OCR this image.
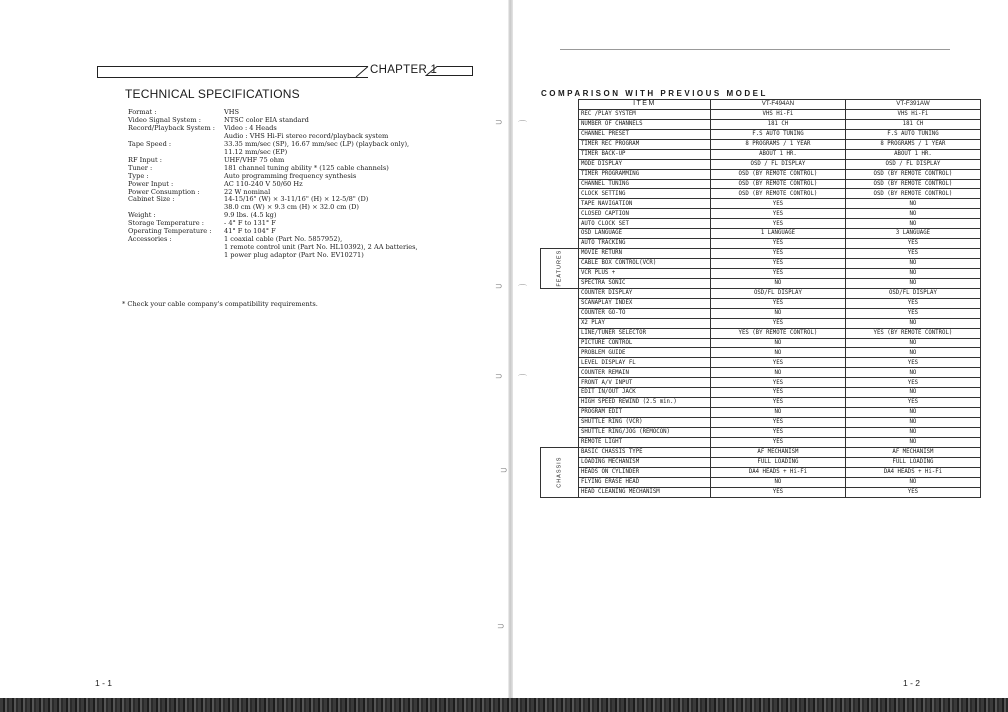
⊃ ⌒
⊃ ⌒
⊃ ⌒
⊃
⊃
CHAPTER 1
TECHNICAL SPECIFICATIONS
Format :	VHS
Video Signal System :	NTSC color EIA standard
Record/Playback System :	Video : 4 Heads
Audio : VHS Hi-Fi stereo record/playback system
Tape Speed :	33.35 mm/sec (SP), 16.67 mm/sec (LP) (playback only),
11.12 mm/sec (EP)
RF Input :	UHF/VHF 75 ohm
Tuner :	181 channel tuning ability * (125 cable channels)
Type :	Auto programming frequency synthesis
Power Input :	AC 110-240 V 50/60 Hz
Power Consumption :	22 W nominal
Cabinet Size :	14-15/16" (W) × 3-11/16" (H) × 12-5/8" (D)
38.0 cm (W) × 9.3 cm (H) × 32.0 cm (D)
Weight :	9.9 lbs. (4.5 kg)
Storage Temperature :	- 4° F to 131° F
Operating Temperature :	41° F to 104° F
Accessories :	1 coaxial cable (Part No. 5857952),
1 remote control unit (Part No. HL10392), 2 AA batteries,
1 power plug adaptor (Part No. EV10271)
* Check your cable company's compatibility requirements.
COMPARISON WITH PREVIOUS MODEL
	ITEM	VT-F494AN	VT-F391AW
	REC /PLAY SYSTEM	VHS Hi-Fi	VHS Hi-Fi
	NUMBER OF CHANNELS	181 CH	181 CH
	CHANNEL PRESET	F.S AUTO TUNING	F.S AUTO TUNING
	TIMER REC PROGRAM	8 PROGRAMS / 1 YEAR	8 PROGRAMS / 1 YEAR
	TIMER BACK-UP	ABOUT 1 HR.	ABOUT 1 HR.
	MODE DISPLAY	OSD / FL DISPLAY	OSD / FL DISPLAY
	TIMER PROGRAMMING	OSD (BY REMOTE CONTROL)	OSD (BY REMOTE CONTROL)
	CHANNEL TUNING	OSD (BY REMOTE CONTROL)	OSD (BY REMOTE CONTROL)
	CLOCK SETTING	OSD (BY REMOTE CONTROL)	OSD (BY REMOTE CONTROL)
	TAPE NAVIGATION	YES	NO
	CLOSED CAPTION	YES	NO
	AUTO CLOCK SET	YES	NO
	OSD LANGUAGE	1 LANGUAGE	3 LANGUAGE
	AUTO TRACKING	YES	YES
FEATURES	MOVIE RETURN	YES	YES
	CABLE BOX CONTROL(VCR)	YES	NO
	VCR PLUS +	YES	NO
	SPECTRA SONIC	NO	NO
	COUNTER DISPLAY	OSD/FL DISPLAY	OSD/FL DISPLAY
	SCANAPLAY INDEX	YES	YES
	COUNTER GO-TO	NO	YES
	X2 PLAY	YES	NO
	LINE/TUNER SELECTOR	YES (BY REMOTE CONTROL)	YES (BY REMOTE CONTROL)
	PICTURE CONTROL	NO	NO
	PROBLEM GUIDE	NO	NO
	LEVEL DISPLAY FL	YES	YES
	COUNTER REMAIN	NO	NO
	FRONT A/V INPUT	YES	YES
	EDIT IN/OUT JACK	YES	NO
	HIGH SPEED REWIND (2.5 min.)	YES	YES
	PROGRAM EDIT	NO	NO
	SHUTTLE RING (VCR)	YES	NO
	SHUTTLE RING/JOG (REMOCON)	YES	NO
	REMOTE LIGHT	YES	NO
CHASSIS	BASIC CHASSIS TYPE	AF MECHANISM	AF MECHANISM
	LOADING MECHANISM	FULL LOADING	FULL LOADING
	HEADS ON CYLINDER	DA4 HEADS + Hi-Fi	DA4 HEADS + Hi-Fi
	FLYING ERASE HEAD	NO	NO
	HEAD CLEANING MECHANISM	YES	YES
1 - 1	1 - 2
